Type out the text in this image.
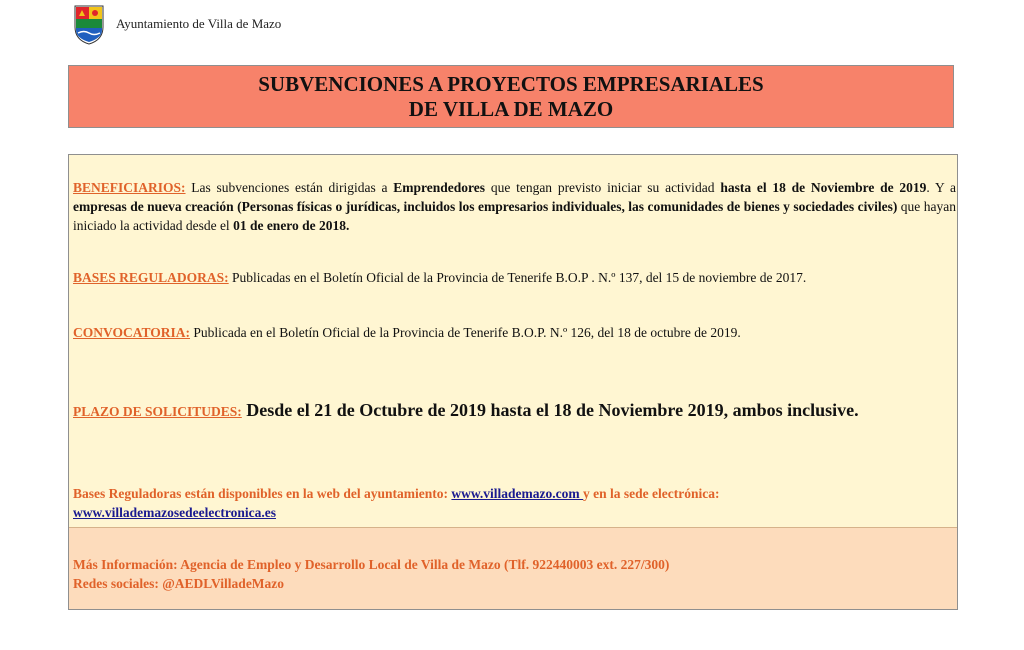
Ayuntamiento de Villa de Mazo
SUBVENCIONES A PROYECTOS EMPRESARIALES
DE VILLA DE MAZO
BENEFICIARIOS: Las subvenciones están dirigidas a Emprendedores que tengan previsto iniciar su actividad hasta el 18 de Noviembre de 2019. Y a empresas de nueva creación (Personas físicas o jurídicas, incluidos los empresarios individuales, las comunidades de bienes y sociedades civiles) que hayan iniciado la actividad desde el 01 de enero de 2018.
BASES REGULADORAS: Publicadas en el Boletín Oficial de la Provincia de Tenerife B.O.P . N.º 137, del 15 de noviembre de 2017.
CONVOCATORIA: Publicada en el Boletín Oficial de la Provincia de Tenerife B.O.P. N.º 126, del 18 de octubre de 2019.
PLAZO DE SOLICITUDES: Desde el 21 de Octubre de 2019 hasta el 18 de Noviembre 2019, ambos inclusive.
Bases Reguladoras están disponibles en la web del ayuntamiento: www.villademazo.com y en la sede electrónica:
www.villademazosedeelectronica.es
Más Información: Agencia de Empleo y Desarrollo Local de Villa de Mazo (Tlf. 922440003 ext. 227/300)
Redes sociales: @AEDLVilladeMazo
